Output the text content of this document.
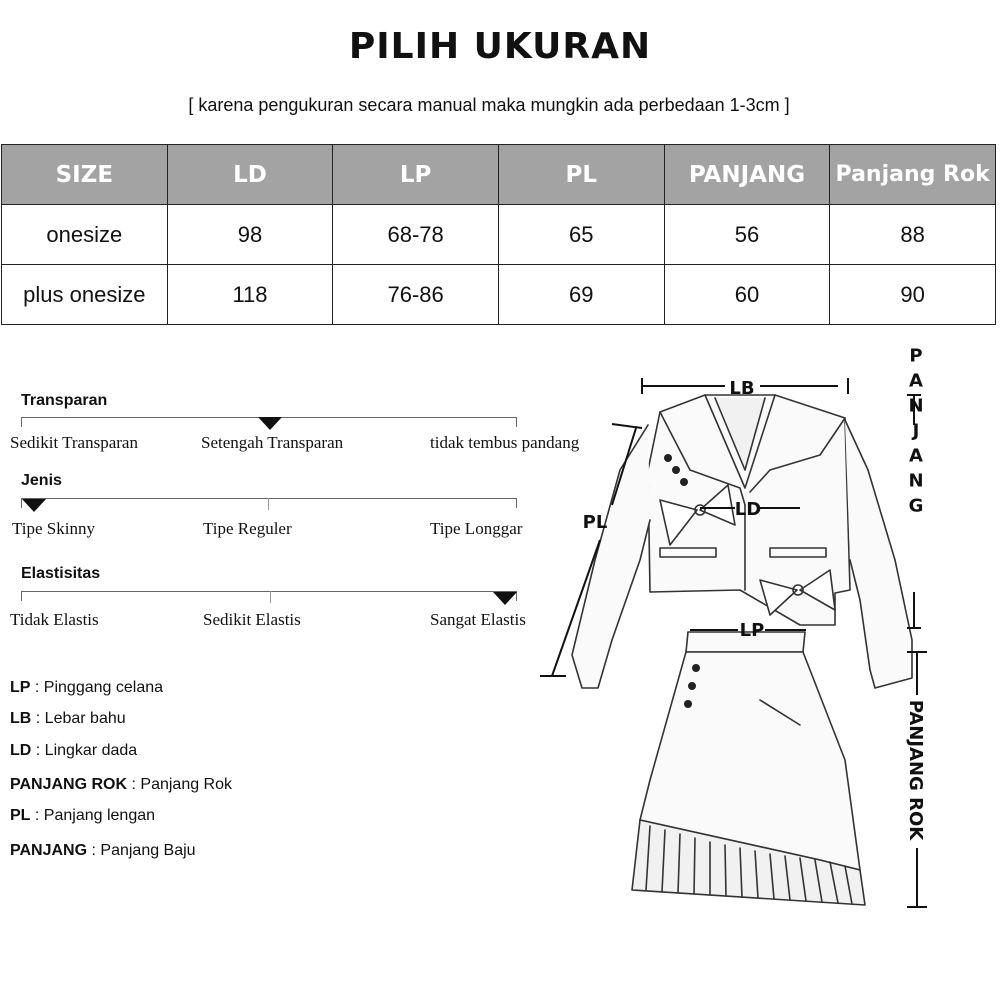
PILIH UKURAN
[ karena pengukuran secara manual maka mungkin ada perbedaan 1-3cm ]
SIZE	LD	LP	PL	PANJANG	Panjang Rok
onesize	98	68-78	65	56	88
plus onesize	118	76-86	69	60	90
Transparan
Sedikit Transparan	Setengah Transparan	tidak tembus pandang
Jenis
Tipe Skinny	Tipe Reguler	Tipe Longgar
Elastisitas
Tidak Elastis	Sedikit Elastis	Sangat Elastis
LP : Pinggang celana
LB : Lebar bahu
LD : Lingkar dada
PANJANG ROK : Panjang Rok
PL : Panjang lengan
PANJANG : Panjang Baju
LB
PL
LD
LP
PANJANG
PANJANG ROK
